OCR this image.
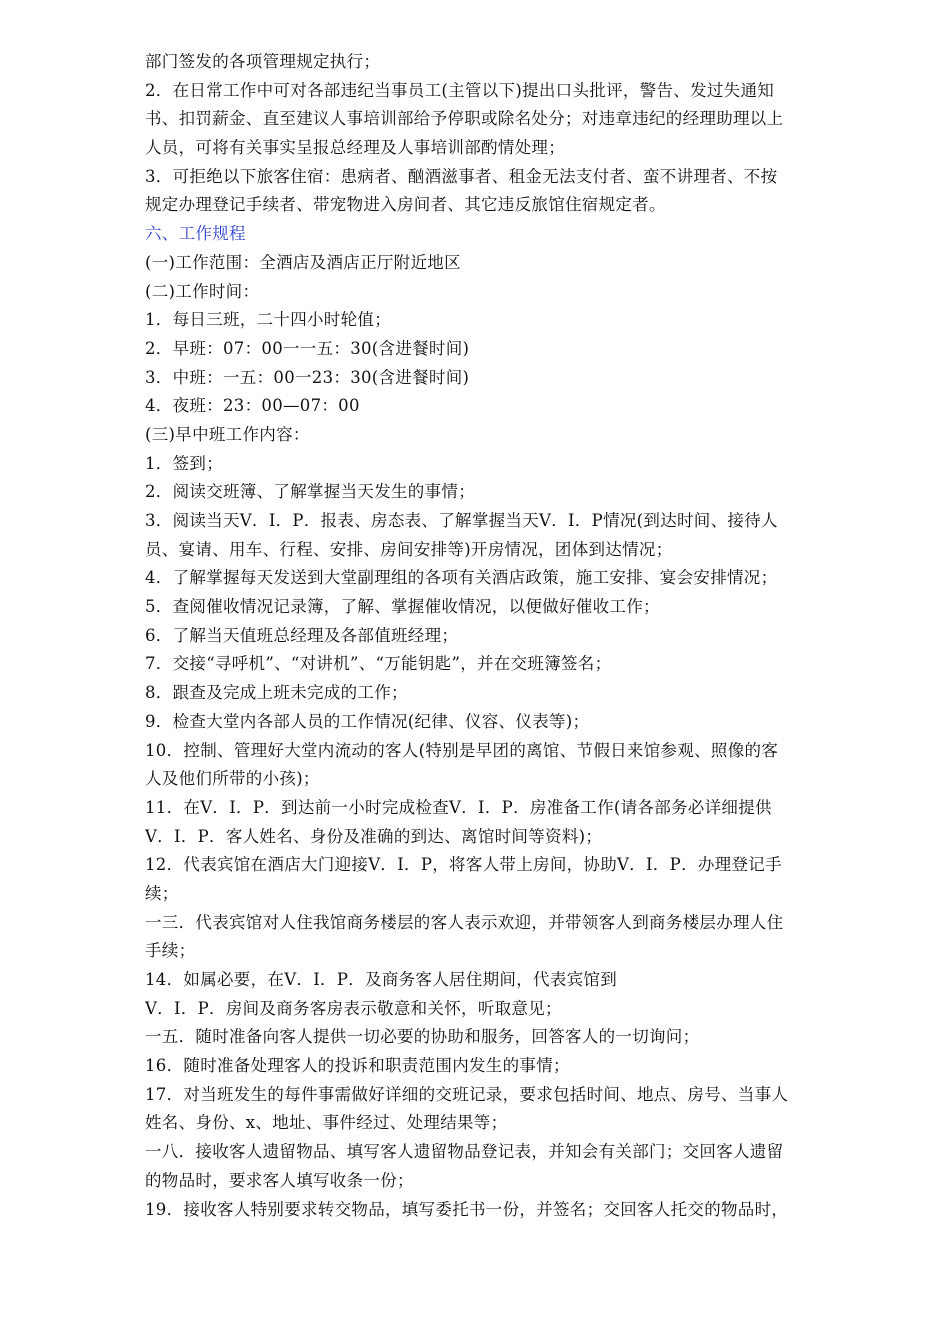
部门签发的各项管理规定执行；
2．在日常工作中可对各部违纪当事员工(主管以下)提出口头批评，警告、发过失通知
书、扣罚薪金、直至建议人事培训部给予停职或除名处分；对违章违纪的经理助理以上
人员，可将有关事实呈报总经理及人事培训部酌情处理；
3．可拒绝以下旅客住宿：患病者、酗酒滋事者、租金无法支付者、蛮不讲理者、不按
规定办理登记手续者、带宠物进入房间者、其它违反旅馆住宿规定者。
六、工作规程
(一)工作范围：全酒店及酒店正厅附近地区
(二)工作时间：
1．每日三班，二十四小时轮值；
2．早班：07：00一一五：30(含进餐时间)
3．中班：一五：00一23：30(含进餐时间)
4．夜班：23：00—07：00
(三)早中班工作内容：
1．签到；
2．阅读交班簿、了解掌握当天发生的事情；
3．阅读当天V．I．P．报表、房态表、了解掌握当天V．I．P情况(到达时间、接待人
员、宴请、用车、行程、安排、房间安排等)开房情况，团体到达情况；
4．了解掌握每天发送到大堂副理组的各项有关酒店政策，施工安排、宴会安排情况；
5．查阅催收情况记录簿，了解、掌握催收情况，以便做好催收工作；
6．了解当天值班总经理及各部值班经理；
7．交接“寻呼机”、“对讲机”、“万能钥匙”，并在交班簿签名；
8．跟查及完成上班未完成的工作；
9．检查大堂内各部人员的工作情况(纪律、仪容、仪表等)；
10．控制、管理好大堂内流动的客人(特别是早团的离馆、节假日来馆参观、照像的客
人及他们所带的小孩)；
11．在V．I．P．到达前一小时完成检查V．I．P．房准备工作(请各部务必详细提供
V．I．P．客人姓名、身份及准确的到达、离馆时间等资料)；
12．代表宾馆在酒店大门迎接V．I．P，将客人带上房间，协助V．I．P．办理登记手
续；
一三．代表宾馆对人住我馆商务楼层的客人表示欢迎，并带领客人到商务楼层办理人住
手续；
14．如属必要，在V．I．P．及商务客人居住期间，代表宾馆到
V．I．P．房间及商务客房表示敬意和关怀，听取意见；
一五．随时准备向客人提供一切必要的协助和服务，回答客人的一切询问；
16．随时准备处理客人的投诉和职责范围内发生的事情；
17．对当班发生的每件事需做好详细的交班记录，要求包括时间、地点、房号、当事人
姓名、身份、x、地址、事件经过、处理结果等；
一八．接收客人遗留物品、填写客人遗留物品登记表，并知会有关部门；交回客人遗留
的物品时，要求客人填写收条一份；
19．接收客人特别要求转交物品，填写委托书一份，并签名；交回客人托交的物品时，
